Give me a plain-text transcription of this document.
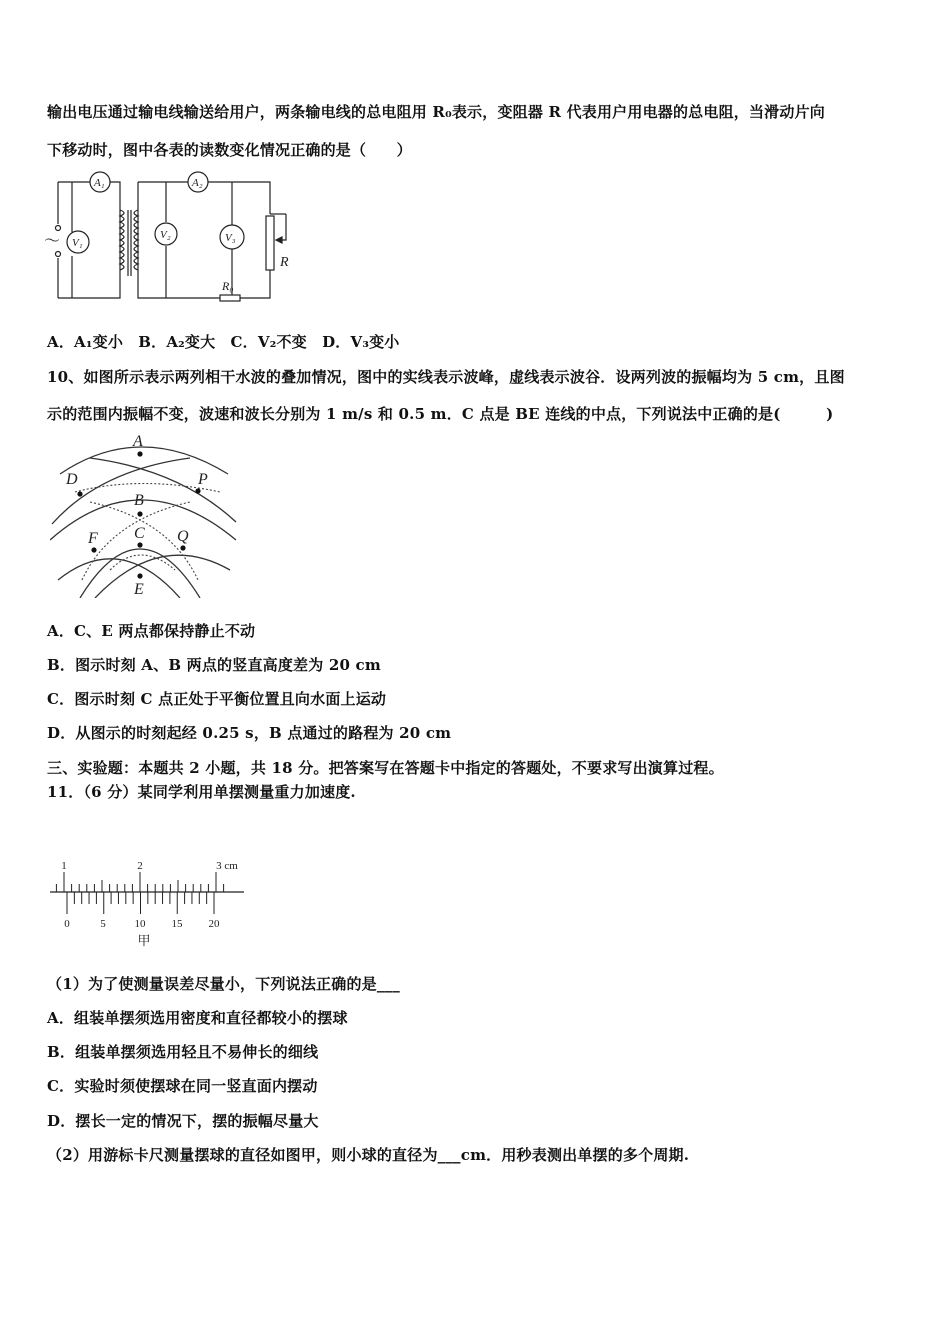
输出电压通过输电线输送给用户，两条输电线的总电阻用 R₀表示，变阻器 R 代表用户用电器的总电阻，当滑动片向
下移动时，图中各表的读数变化情况正确的是（　　）
A₁	A₂
V₁
V₂	V₃
R
R₀
～
A．A₁变小　B．A₂变大　C．V₂不变　D．V₃变小
10、如图所示表示两列相干水波的叠加情况，图中的实线表示波峰，虚线表示波谷．设两列波的振幅均为 5 cm，且图
示的范围内振幅不变，波速和波长分别为 1 m/s 和 0.5 m．C 点是 BE 连线的中点，下列说法中正确的是(　　　)
A
D	P
B
C
F	Q
E
A．C、E 两点都保持静止不动
B．图示时刻 A、B 两点的竖直高度差为 20 cm
C．图示时刻 C 点正处于平衡位置且向水面上运动
D．从图示的时刻起经 0.25 s，B 点通过的路程为 20 cm
三、实验题：本题共 2 小题，共 18 分。把答案写在答题卡中指定的答题处，不要求写出演算过程。
11．（6 分）某同学利用单摆测量重力加速度.
1	2	3 cm
0	5	10 15 20
甲
（1）为了使测量误差尽量小，下列说法正确的是___
A．组装单摆须选用密度和直径都较小的摆球
B．组装单摆须选用轻且不易伸长的细线
C．实验时须使摆球在同一竖直面内摆动
D．摆长一定的情况下，摆的振幅尽量大
（2）用游标卡尺测量摆球的直径如图甲，则小球的直径为___cm．用秒表测出单摆的多个周期.
